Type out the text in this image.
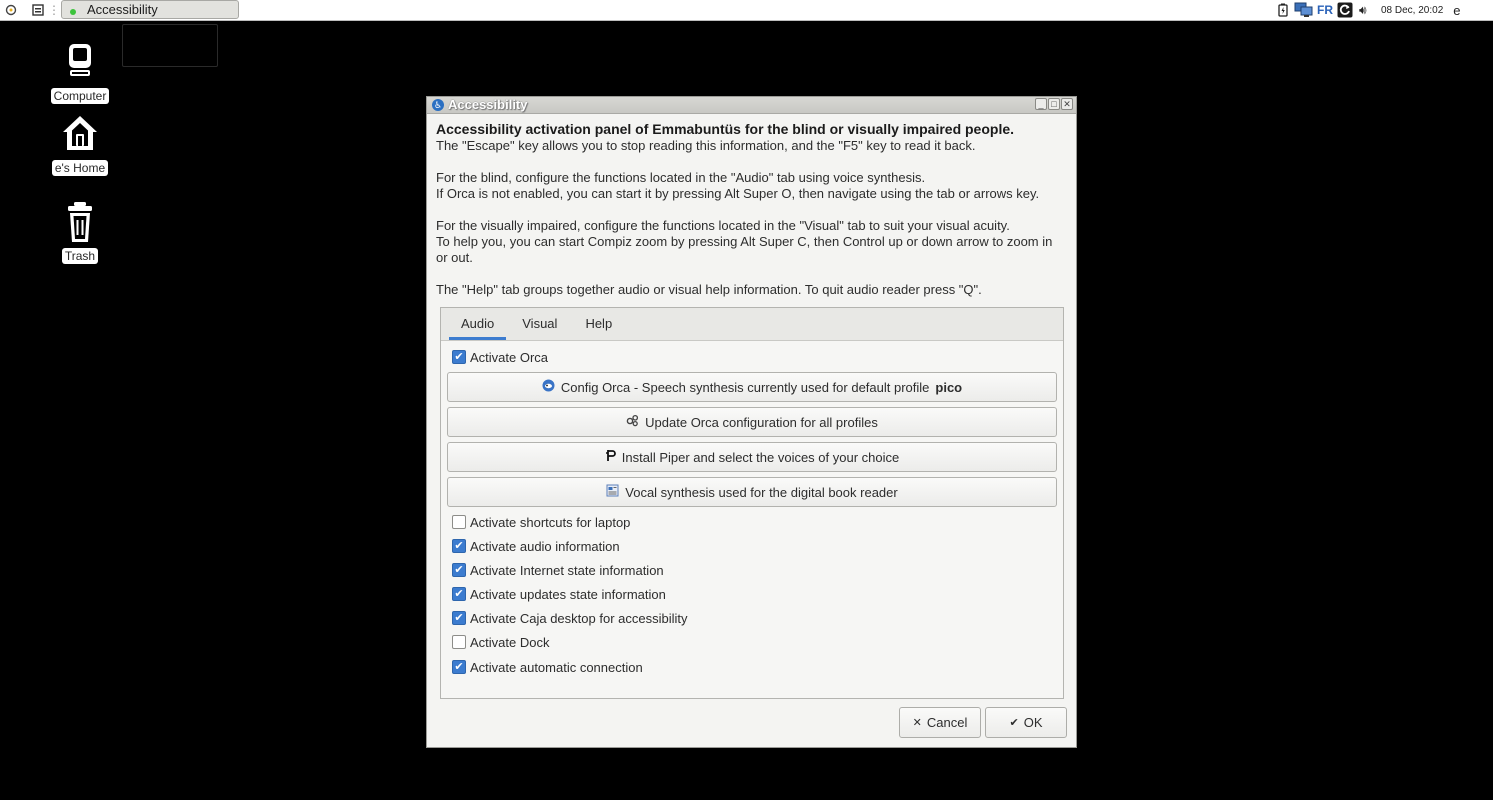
⋮ Accessibility	FR 🔊︎	08 Dec, 20:02 e
Computer
e's Home
Trash
♿︎ Accessibility	_ □ ✕

Accessibility activation panel of Emmabuntüs for the blind or visually impaired people.

The "Escape" key allows you to stop reading this information, and the "F5" key to read it back.

For the blind, configure the functions located in the "Audio" tab using voice synthesis.

If Orca is not enabled, you can start it by pressing Alt Super O, then navigate using the tab or arrows key.

For the visually impaired, configure the functions located in the "Visual" tab to suit your visual acuity.

To help you, you can start Compiz zoom by pressing Alt Super C, then Control up or down arrow to zoom in or out.

The "Help" tab groups together audio or visual help information. To quit audio reader press "Q".

Audio	Visual	Help
✔ Activate Orca
Config Orca - Speech synthesis currently used for default profile pico
Update Orca configuration for all profiles
Install Piper and select the voices of your choice
Vocal synthesis used for the digital book reader
Activate shortcuts for laptop
✔ Activate audio information
✔ Activate Internet state information
✔ Activate updates state information
✔ Activate Caja desktop for accessibility
Activate Dock
✔ Activate automatic connection
✕ Cancel	✔ OK
